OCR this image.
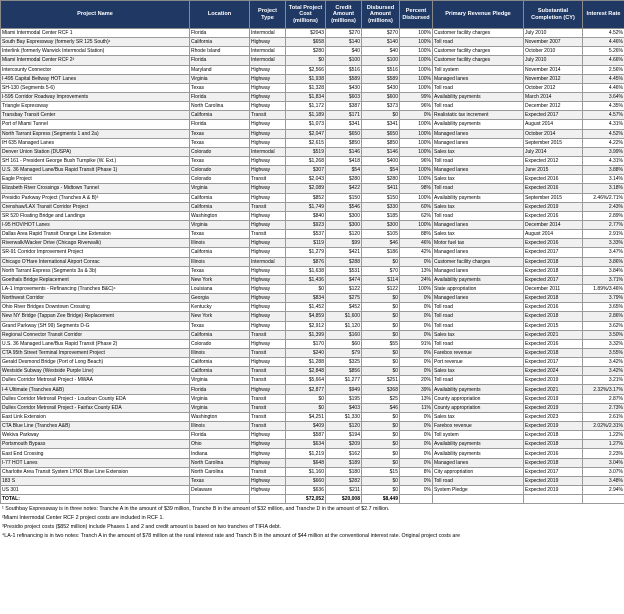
Project Name	Location	Project Type	Total Project Cost (millions)	Credit Amount (millions)	Disbursed Amount (millions)	Percent Disbursed	Primary Revenue Pledge	Substantial Completion (CY)	Interest Rate
Miami Intermodal Center RCF 1	Florida	Intermodal	$2043	$270	$270	100%	Customer facility charges	July 2010	4.52%
South Bay Expressway (formerly SR 125 South)¹	California	Highway	$658	$140	$140	100%	Toll road	November 2007	4.46%
Interlink (formerly Warwick Intermodal Station)	Rhode Island	Intermodal	$280	$40	$40	100%	Customer facility charges	October 2010	5.26%
Miami Intermodal Center RCF 2²	Florida	Intermodal	$0	$100	$100	100%	Customer facility charges	July 2010	4.66%
Intercounty Connector	Maryland	Highway	$2,566	$516	$516	100%	Toll system	November 2014	2.56%
I-495 Capital Beltway HOT Lanes	Virginia	Highway	$1,938	$589	$589	100%	Managed lanes	November 2012	4.45%
SH-130 (Segments 5-6)	Texas	Highway	$1,328	$430	$430	100%	Toll road	October 2012	4.46%
I-595 Corridor Roadway Improvements	Florida	Highway	$1,834	$603	$600	99%	Availability payments	March 2014	3.64%
Triangle Expressway	North Carolina	Highway	$1,172	$387	$373	96%	Toll road	December 2012	4.35%
Transbay Transit Center	California	Transit	$1,189	$171	$0	0%	Realistatic tax increment	Expected 2017	4.57%
Port of Miami Tunnel	Florida	Highway	$1,073	$341	$341	100%	Availability payments	August 2014	4.31%
North Tarrant Express (Segments 1 and 2a)	Texas	Highway	$2,047	$650	$650	100%	Managed lanes	October 2014	4.52%
IH 635 Managed Lanes	Texas	Highway	$2,615	$850	$850	100%	Managed lanes	September 2015	4.22%
Denver Union Station (DUSPA)	Colorado	Intermodal	$519	$146	$146	100%	Sales tax	July 2014	3.99%
SH 161 - President George Bush Turnpike (W. Ext.)	Texas	Highway	$1,268	$418	$400	96%	Toll road	Expected 2012	4.31%
U.S. 36 Managed Lane/Bus Rapid Transit (Phase 1)	Colorado	Highway	$307	$54	$54	100%	Managed lanes	June 2015	3.88%
Eagle Project	Colorado	Transit	$2,043	$280	$280	100%	Sales tax	Expected 2016	3.14%
Elizabeth River Crossings - Midtown Tunnel	Virginia	Highway	$2,089	$422	$411	98%	Toll road	Expected 2016	3.18%
Presidio Parkway Project (Tranches A & B)³	California	Highway	$852	$150	$150	100%	Availability payments	September 2015	2.46%/2.71%
Crenshaw/LAX Transit Corridor Project	California	Transit	$1,749	$546	$330	60%	Sales tax	Expected 2019	2.43%
SR 520 Floating Bridge and Landings	Washington	Highway	$840	$300	$185	62%	Toll road	Expected 2016	2.89%
I-95 HOV/HOT Lanes	Virginia	Highway	$923	$300	$300	100%	Managed lanes	December 2014	2.77%
Dallas Area Rapid Transit Orange Line Extension	Texas	Transit	$537	$120	$105	88%	Sales tax	August 2014	2.91%
Riverwalk/Wacker Drive (Chicago Riverwalk)	Illinois	Highway	$119	$99	$46	46%	Motor fuel tax	Expected 2016	3.33%
SR-91 Corridor Improvement Project	California	Highway	$1,279	$421	$186	42%	Managed lanes	Expected 2017	3.47%
Chicago O'Hare International Airport Conrac	Illinois	Intermodal	$876	$288	$0	0%	Customer facility charges	Expected 2018	3.86%
North Tarrant Express (Segments 3a & 3b)	Texas	Highway	$1,638	$531	$70	13%	Managed lanes	Expected 2018	3.84%
Goethals Bridge Replacement	New York	Highway	$1,436	$474	$114	24%	Availability payments	Expected 2017	3.71%
LA-1 Improvements - Refinancing (Tranches B&C)⁴	Louisiana	Highway	$0	$122	$122	100%	State appropriation	December 2011	1.89%/3.46%
Northwest Corridor	Georgia	Highway	$834	$275	$0	0%	Managed lanes	Expected 2018	3.79%
Ohio River Bridges Downtown Crossing	Kentucky	Highway	$1,452	$452	$0	0%	Toll road	Expected 2016	3.65%
New NY Bridge (Tappan Zee Bridge) Replacement	New York	Highway	$4,859	$1,600	$0	0%	Toll road	Expected 2018	2.86%
Grand Parkway (SH 99) Segments D-G	Texas	Highway	$2,912	$1,120	$0	0%	Toll road	Expected 2015	3.62%
Regional Connector Transit Corridor	California	Transit	$1,399	$160	$0	0%	Sales tax	Expected 2021	3.50%
U.S. 36 Managed Lane/Bus Rapid Transit (Phase 2)	Colorado	Highway	$170	$60	$55	91%	Toll road	Expected 2016	3.32%
CTA 95th Street Terminal Improvement Project	Illinois	Transit	$240	$79	$0	0%	Farebox revenue	Expected 2018	3.55%
Gerald Desmond Bridge (Port of Long Beach)	California	Highway	$1,288	$325	$0	0%	Port revenue	Expected 2017	3.42%
Westside Subway (Westside Purple Line)	California	Transit	$2,848	$856	$0	0%	Sales tax	Expected 2024	3.42%
Dulles Corridor Metrorail Project - MWAA	Virginia	Transit	$5,664	$1,277	$251	20%	Toll road	Expected 2019	3.21%
I-4 Ultimate (Tranches A&B)	Florida	Highway	$2,877	$949	$368	39%	Availability payments	Expected 2021	2.32%/3.17%
Dulles Corridor Metrorail Project - Loudoun County EDA	Virginia	Transit	$0	$195	$25	13%	County appropriation	Expected 2019	2.87%
Dulles Corridor Metrorail Project - Fairfax County EDA	Virginia	Transit	$0	$403	$46	11%	County appropriation	Expected 2019	2.73%
East Link Extension	Washington	Transit	$4,251	$1,330	$0	0%	Sales tax	Expected 2023	2.61%
CTA Blue Line (Tranches A&B)	Illinois	Transit	$409	$120	$0	0%	Farebox revenue	Expected 2019	2.02%/2.31%
Wekiva Parkway	Florida	Highway	$587	$194	$0	0%	Toll system	Expected 2018	1.22%
Portsmouth Bypass	Ohio	Highway	$634	$209	$0	0%	Availability payments	Expected 2018	1.27%
East End Crossing	Indiana	Highway	$1,219	$162	$0	0%	Availability payments	Expected 2016	2.23%
I-77 HOT Lanes	North Carolina	Highway	$648	$189	$0	0%	Managed lanes	Expected 2018	3.04%
Charlotte Area Transit System LYNX Blue Line Extension	North Carolina	Transit	$1,160	$180	$15	8%	City appropriation	Expected 2017	3.07%
183 S	Texas	Highway	$660	$282	$0	0%	Toll road	Expected 2019	3.48%
US 301	Delaware	Highway	$636	$211	$0	0%	System Pledge	Expected 2019	2.94%
TOTAL:			$72,052	$20,008	$8,449				
¹ Southbay Expressway is in three notes: Tranche A in the amount of $39 million, Tranche B in the amount of $32 million, and Tranche D in the amount of $2.7 million.
²Miami Intermodal Center RCF 2 project costs are included in RCF 1.
³Presidio project costs ($852 million) include Phases 1 and 2 and credit amount is based on two tranches of TIFIA debt.
⁴LA-1 refinancing is in two notes: Tranch A in the amount of $78 million at the rural interest rate and Tranch B in the amount of $44 million at the conventional interest rate. Original project costs are
